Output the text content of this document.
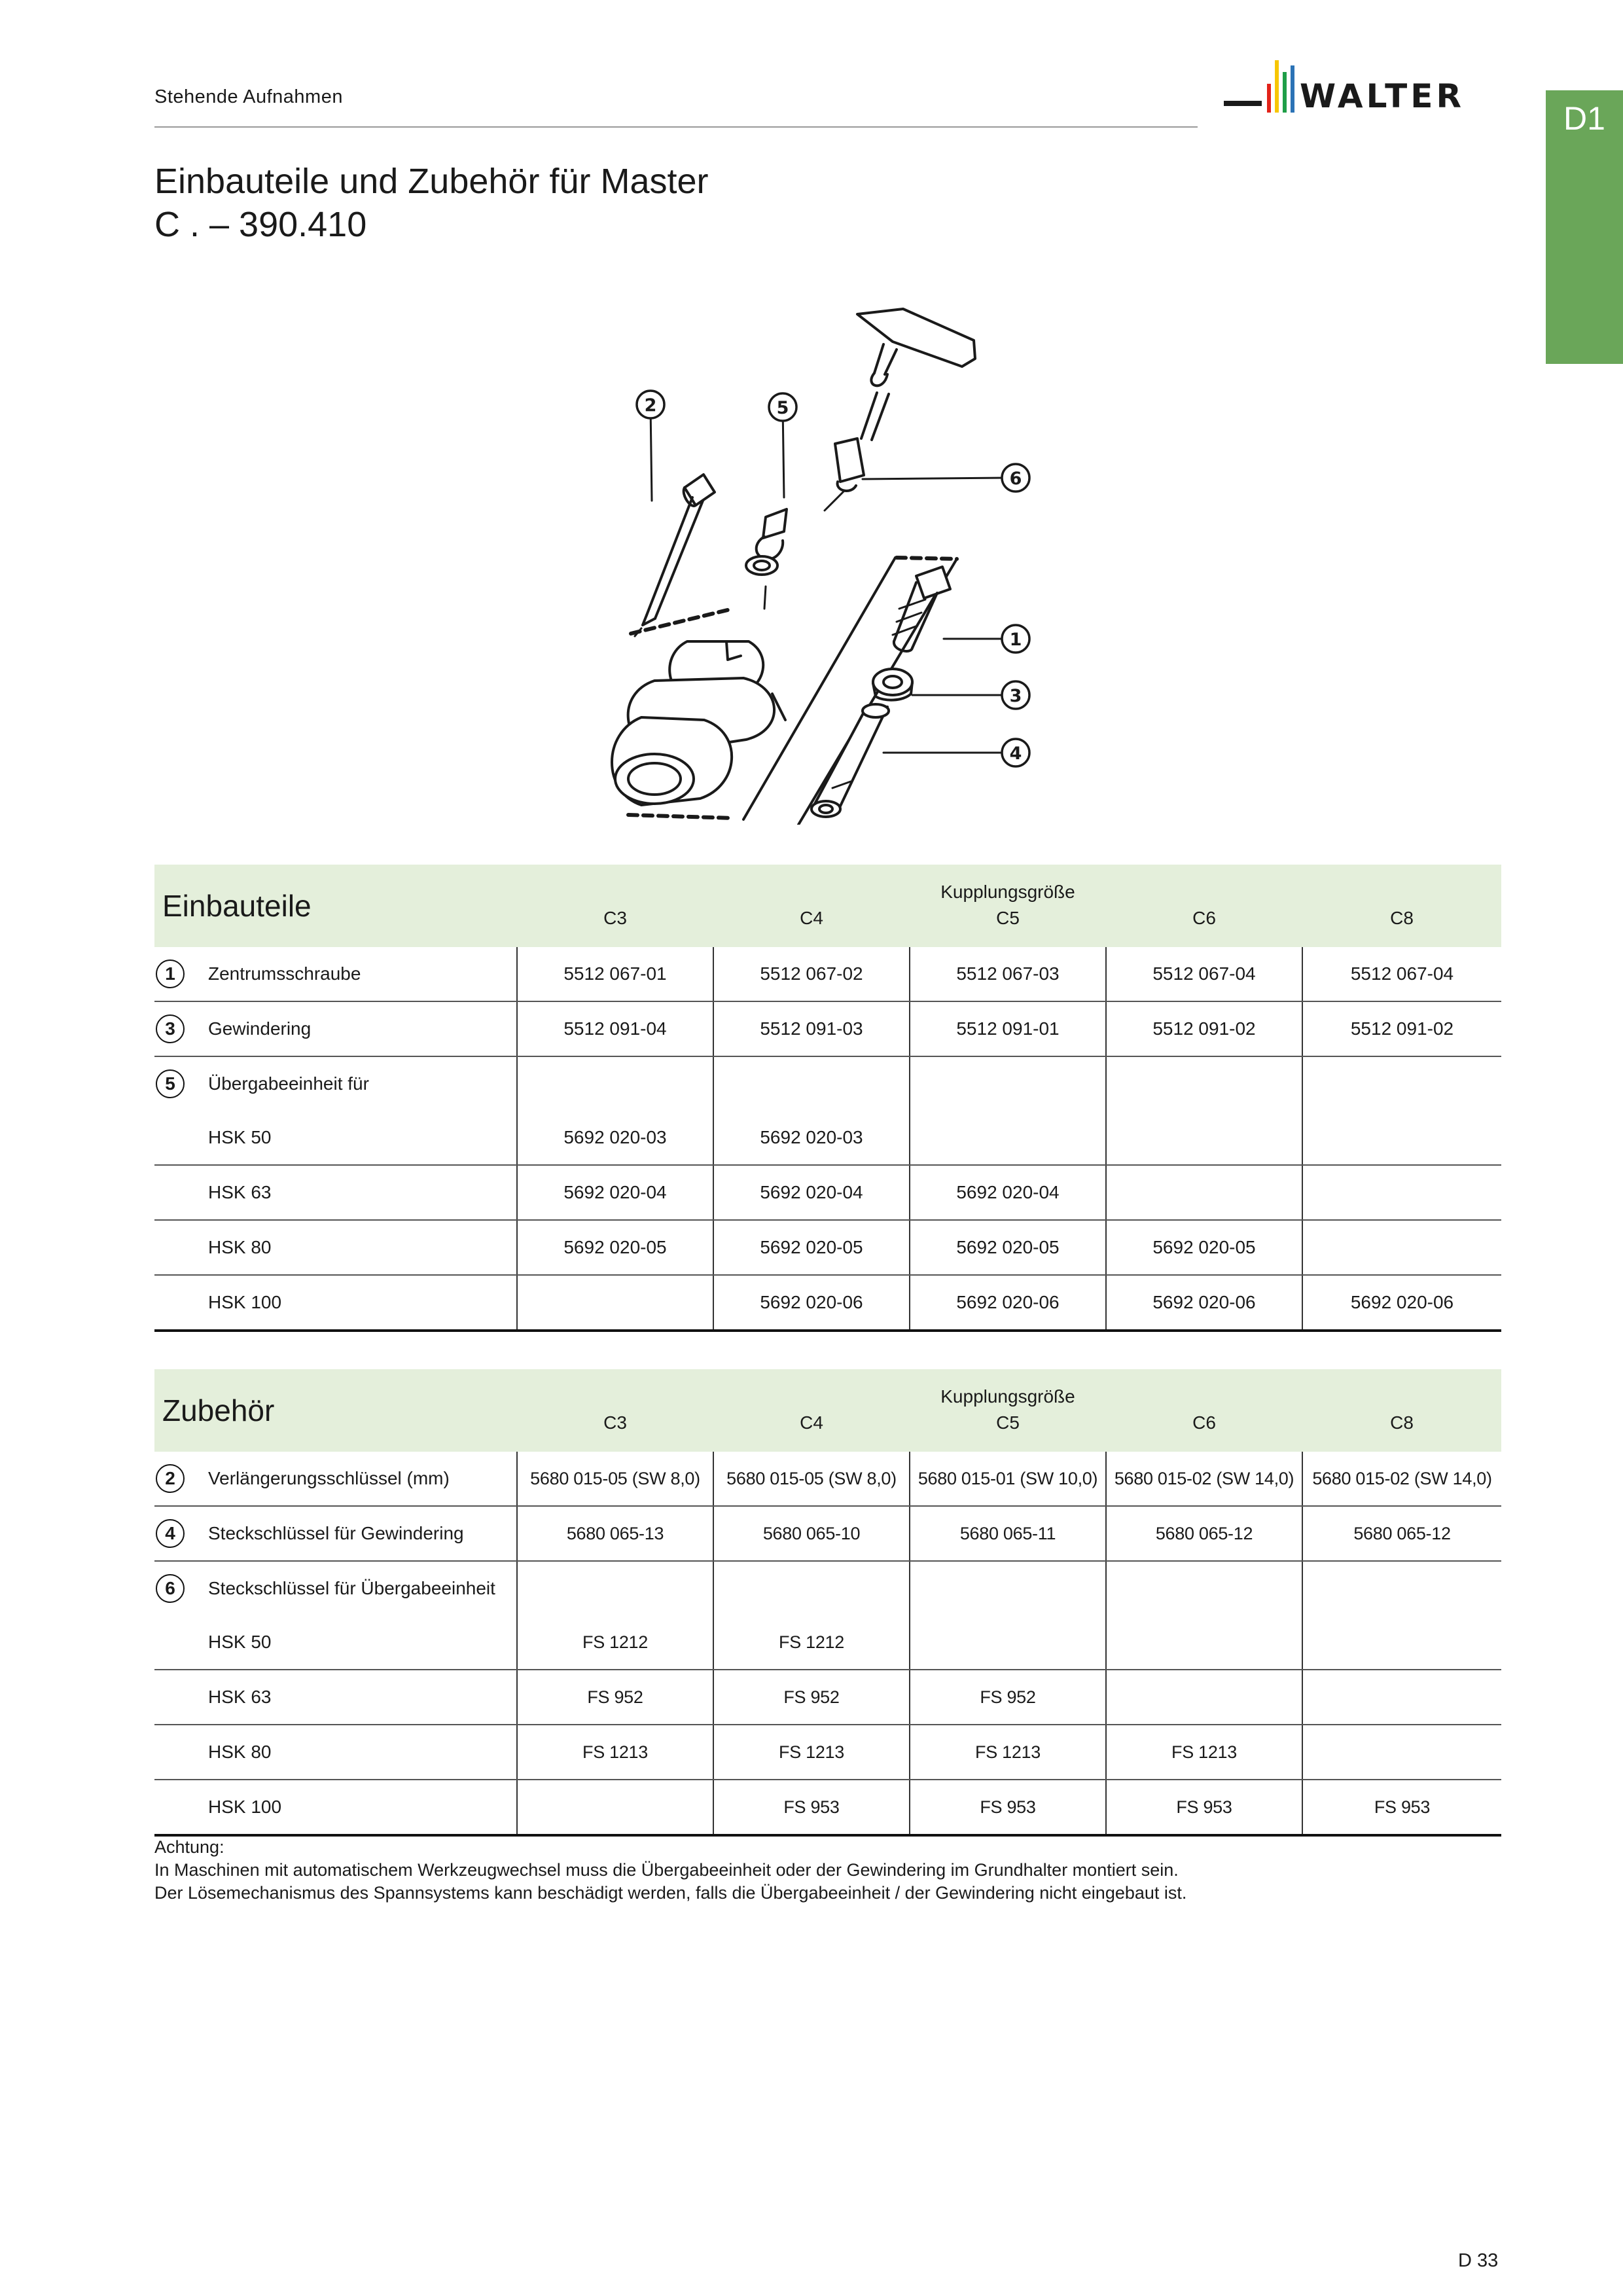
Stehende Aufnahmen	WALTER
D1
Einbauteile und Zubehör für Master
C . – 390.410
2	5
6
1
3
4
Einbauteile			Kupplungsgröße		
	C3	C4	C5	C6	C8

1 Zentrumsschraube	5512 067-01	5512 067-02	5512 067-03	5512 067-04	5512 067-04

3 Gewindering	5512 091-04	5512 091-03	5512 091-01	5512 091-02	5512 091-02

5 Übergabeeinheit für					
HSK 50	5692 020-03	5692 020-03			
HSK 63	5692 020-04	5692 020-04	5692 020-04		
HSK 80	5692 020-05	5692 020-05	5692 020-05	5692 020-05	
HSK 100		5692 020-06	5692 020-06	5692 020-06	5692 020-06
Zubehör			Kupplungsgröße		
	C3	C4	C5	C6	C8

2 Verlängerungsschlüssel (mm)	5680 015-05 (SW 8,0)	5680 015-05 (SW 8,0)	5680 015-01 (SW 10,0)	5680 015-02 (SW 14,0)	5680 015-02 (SW 14,0)

4 Steckschlüssel für Gewindering	5680 065-13	5680 065-10	5680 065-11	5680 065-12	5680 065-12

6 Steckschlüssel für Übergabeeinheit					
HSK 50	FS 1212	FS 1212			
HSK 63	FS 952	FS 952	FS 952		
HSK 80	FS 1213	FS 1213	FS 1213	FS 1213	
HSK 100		FS 953	FS 953	FS 953	FS 953
Achtung:
In Maschinen mit automatischem Werkzeugwechsel muss die Übergabeeinheit oder der Gewindering im Grundhalter montiert sein.
Der Lösemechanismus des Spannsystems kann beschädigt werden, falls die Übergabeeinheit / der Gewindering nicht eingebaut ist.
D 33
